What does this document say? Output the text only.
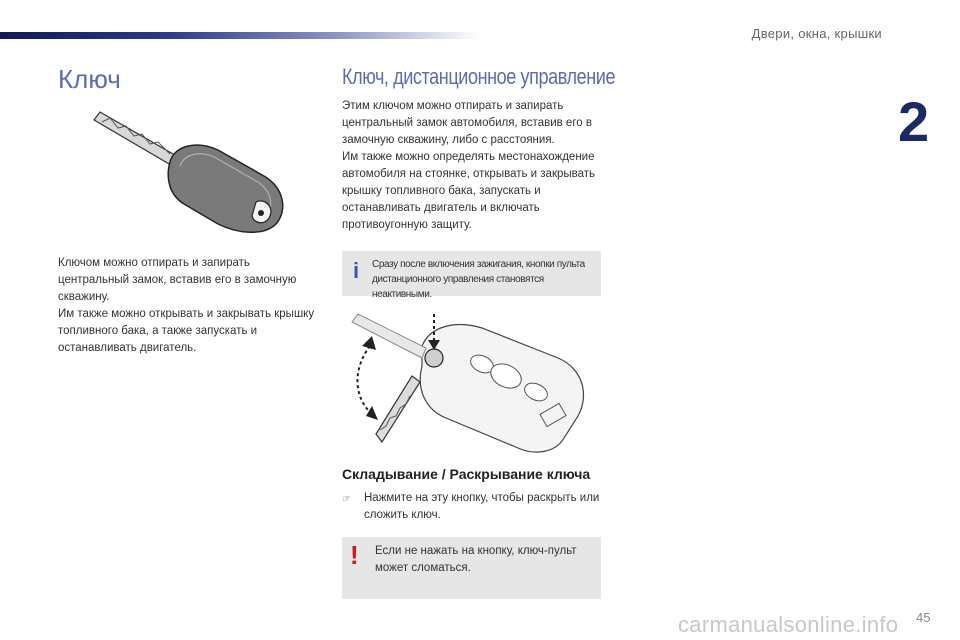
Двери, окна, крышки
2
Ключ
Ключом можно отпирать и запирать центральный замок, вставив его в замочную скважину.
Им также можно открывать и закрывать крышку топливного бака, а также запускать и останавливать двигатель.
Ключ, дистанционное управление
Этим ключом можно отпирать и запирать центральный замок автомобиля, вставив его в замочную скважину, либо с расстояния.
Им также можно определять местонахождение автомобиля на стоянке, открывать и закрывать крышку топливного бака, запускать и останавливать двигатель и включать противоугонную защиту.
i Сразу после включения зажигания, кнопки пульта дистанционного управления становятся неактивными.
Складывание / Раскрывание ключа
☞ Нажмите на эту кнопку, чтобы раскрыть или сложить ключ.
! Если не нажать на кнопку, ключ-пульт может сломаться.
carmanualsonline.info 45
